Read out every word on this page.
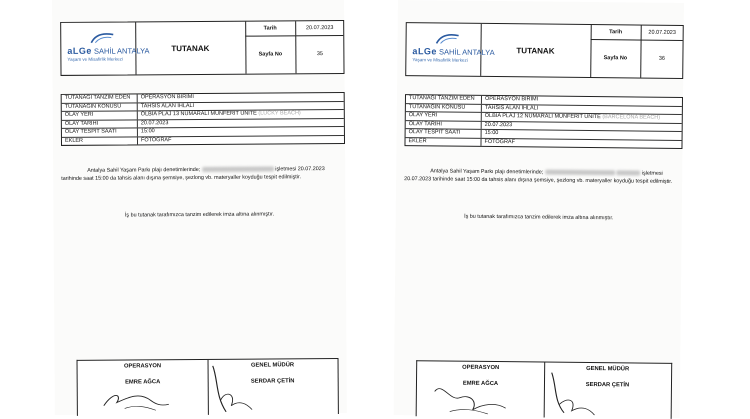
aLGe SAHİL ANTALYA
Yaşam ve Misafirlik Merkezi
TUTANAK
Tarih	20.07.2023
Sayfa No	35
TUTANAĞI TANZİM EDEN	OPERASYON BİRİMİ
TUTANAĞIN KONUSU	TAHSİS ALAN İHLALİ
OLAY YERİ	OLBİA PLAJ 13 NUMARALI MÜNFERİT ÜNİTE (LUCKY BEACH)
OLAY TARİHİ	20.07.2023
OLAY TESPİT SAATİ	15:00
EKLER	FOTOĞRAF
Antalya Sahil Yaşam Parkı plajı denetimlerinde;	işletmesi 20.07.2023 tarihinde saat 15:00 da tahsis alanı dışına şemsiye, şezlong vb. materyaller koyduğu tespit edilmiştir.
İş bu tutanak tarafımızca tanzim edilerek imza altına alınmıştır.
OPERASYON
EMRE AĞCA
GENEL MÜDÜR
SERDAR ÇETİN
aLGe SAHİL ANTALYA
Yaşam ve Misafirlik Merkezi
TUTANAK
Tarih	20.07.2023
Sayfa No	36
TUTANAĞI TANZİM EDEN	OPERASYON BİRİMİ
TUTANAĞIN KONUSU	TAHSİS ALAN İHLALİ
OLAY YERİ	OLBİA PLAJ 12 NUMARALI MÜNFERİT ÜNİTE (BARCELONA BEACH)
OLAY TARİHİ	20.07.2023
OLAY TESPİT SAATİ	15:00
EKLER	FOTOĞRAF
Antalya Sahil Yaşam Parkı plajı denetimlerinde;	işletmesi 20.07.2023 tarihinde saat 15:00 da tahsis alanı dışına şemsiye, şezlong vb. materyaller koyduğu tespit edilmiştir.
İş bu tutanak tarafımızca tanzim edilerek imza altına alınmıştır.
OPERASYON
EMRE AĞCA
GENEL MÜDÜR
SERDAR ÇETİN
